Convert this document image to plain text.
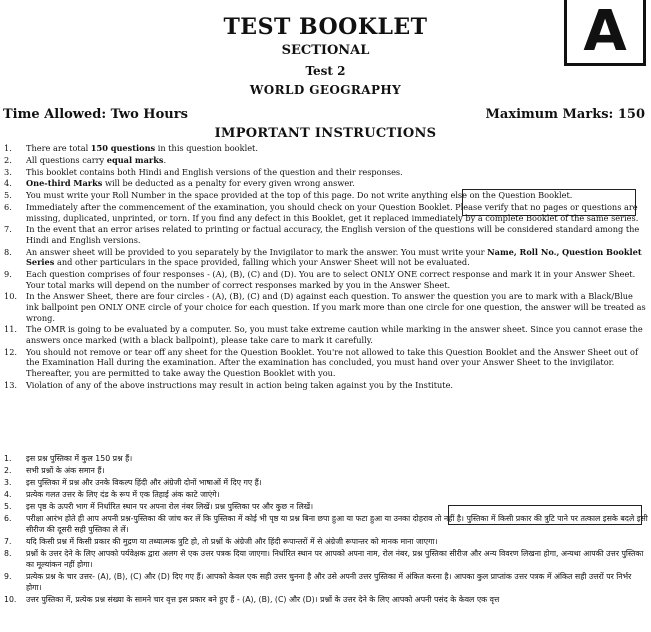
TEST BOOKLET
SECTIONAL
Test 2
WORLD GEOGRAPHY
A
Time Allowed: Two Hours	Maximum Marks: 150
IMPORTANT INSTRUCTIONS
1.	There are total 150 questions in this question booklet.
2.	All questions carry equal marks.
3.	This booklet contains both Hindi and English versions of the question and their responses.
4.	One-third Marks will be deducted as a penalty for every given wrong answer.
5.	You must write your Roll Number in the space provided at the top of this page. Do not write anything else on the Question Booklet.
6.	Immediately after the commencement of the examination, you should check on your Question Booklet. Please verify that no pages or questions are missing, duplicated, unprinted, or torn. If you find any defect in this Booklet, get it replaced immediately by a complete Booklet of the same series.
7.	In the event that an error arises related to printing or factual accuracy, the English version of the questions will be considered standard among the Hindi and English versions.
8.	An answer sheet will be provided to you separately by the Invigilator to mark the answer. You must write your Name, Roll No., Question Booklet Series and other particulars in the space provided, falling which your Answer Sheet will not be evaluated.
9.	Each question comprises of four responses - (A), (B), (C) and (D). You are to select ONLY ONE correct response and mark it in your Answer Sheet. Your total marks will depend on the number of correct responses marked by you in the Answer Sheet.
10.	In the Answer Sheet, there are four circles - (A), (B), (C) and (D) against each question. To answer the question you are to mark with a Black/Blue ink ballpoint pen ONLY ONE circle of your choice for each question. If you mark more than one circle for one question, the answer will be treated as wrong.
11.	The OMR is going to be evaluated by a computer. So, you must take extreme caution while marking in the answer sheet. Since you cannot erase the answers once marked (with a black ballpoint), please take care to mark it carefully.
12.	You should not remove or tear off any sheet for the Question Booklet. You're not allowed to take this Question Booklet and the Answer Sheet out of the Examination Hall during the examination. After the examination has concluded, you must hand over your Answer Sheet to the invigilator. Thereafter, you are permitted to take away the Question Booklet with you.
13.	Violation of any of the above instructions may result in action being taken against you by the Institute.
1.	इस प्रश्न पुस्तिका में कुल 150 प्रश्न हैं।
2.	सभी प्रश्नों के अंक समान हैं।
3.	इस पुस्तिका में प्रश्न और उनके विकल्प हिंदी और अंग्रेजी दोनों भाषाओं में दिए गए हैं।
4.	प्रत्येक गलत उत्तर के लिए दंड के रूप में एक तिहाई अंक काटे जाएंगे।
5.	इस पृष्ठ के ऊपरी भाग में निर्धारित स्थान पर अपना रोल नंबर लिखें। प्रश्न पुस्तिका पर और कुछ न लिखें।
6.	परीक्षा आरंभ होते ही आप अपनी प्रश्न-पुस्तिका की जांच कर लें कि पुस्तिका में कोई भी पृष्ठ या प्रश्न बिना छपा हुआ या फटा हुआ या उनका दोहराव तो नहीं है। पुस्तिका में किसी प्रकार की त्रुटि पाने पर तत्काल इसके बदले इसी सीरीज की दूसरी सही पुस्तिका ले लें।
7.	यदि किसी प्रश्न में किसी प्रकार की मुद्रण या तथ्यात्मक त्रुटि हो, तो प्रश्नों के अंग्रेजी और हिंदी रूपान्तरों में से अंग्रेजी रूपान्तर को मानक माना जाएगा।
8.	प्रश्नों के उत्तर देने के लिए आपको पर्यवेक्षक द्वारा अलग से एक उत्तर पत्रक दिया जाएगा। निर्धारित स्थान पर आपको अपना नाम, रोल नंबर, प्रश्न पुस्तिका सीरीज और अन्य विवरण लिखना होगा, अन्यथा आपकी उत्तर पुस्तिका का मूल्यांकन नहीं होगा।
9.	प्रत्येक प्रश्न के चार उत्तर- (A), (B), (C) और (D) दिए गए हैं। आपको केवल एक सही उत्तर चुनना है और उसे अपनी उत्तर पुस्तिका में अंकित करना है। आपका कुल प्राप्तांक उत्तर पत्रक में अंकित सही उत्तरों पर निर्भर होगा।
10.	उत्तर पुस्तिका में, प्रत्येक प्रश्न संख्या के सामने चार वृत्त इस प्रकार बने हुए हैं - (A), (B), (C) और (D)। प्रश्नों के उत्तर देने के लिए आपको अपनी पसंद के केवल एक वृत्त
